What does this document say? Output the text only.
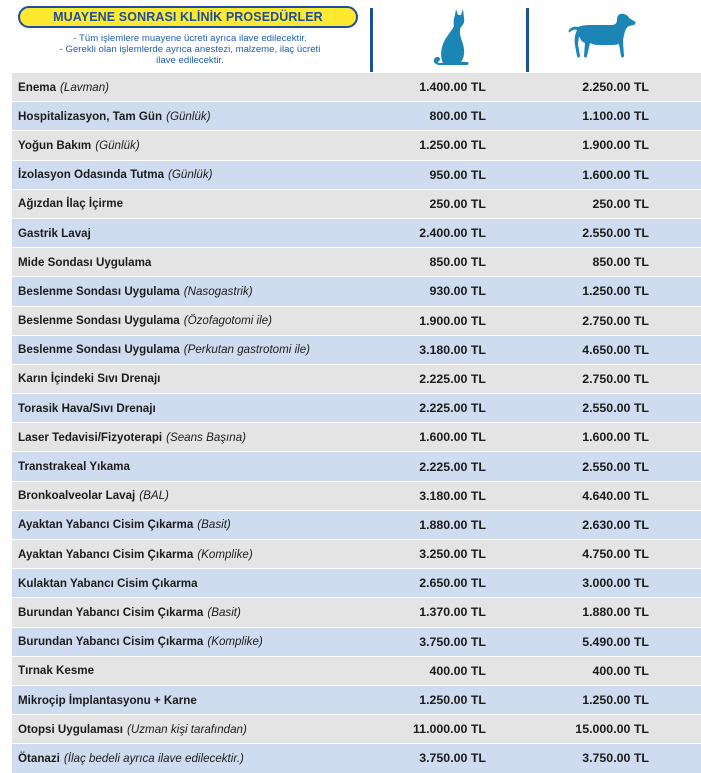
MUAYENE SONRASI KLİNİK PROSEDÜRLER
- Tüm işlemlere muayene ücreti ayrıca ilave edilecektir.
- Gerekli olan işlemlerde ayrıca anestezi, malzeme, ilaç ücreti
ilave edilecektir.
Enema (Lavman)	1.400.00 TL	2.250.00 TL
Hospitalizasyon, Tam Gün (Günlük)	800.00 TL	1.100.00 TL
Yoğun Bakım (Günlük)	1.250.00 TL	1.900.00 TL
İzolasyon Odasında Tutma (Günlük)	950.00 TL	1.600.00 TL
Ağızdan İlaç İçirme	250.00 TL	250.00 TL
Gastrik Lavaj	2.400.00 TL	2.550.00 TL
Mide Sondası Uygulama	850.00 TL	850.00 TL
Beslenme Sondası Uygulama (Nasogastrik)	930.00 TL	1.250.00 TL
Beslenme Sondası Uygulama (Özofagotomi ile)	1.900.00 TL	2.750.00 TL
Beslenme Sondası Uygulama (Perkutan gastrotomi ile)	3.180.00 TL	4.650.00 TL
Karın İçindeki Sıvı Drenajı	2.225.00 TL	2.750.00 TL
Torasik Hava/Sıvı Drenajı	2.225.00 TL	2.550.00 TL
Laser Tedavisi/Fizyoterapi (Seans Başına)	1.600.00 TL	1.600.00 TL
Transtrakeal Yıkama	2.225.00 TL	2.550.00 TL
Bronkoalveolar Lavaj (BAL)	3.180.00 TL	4.640.00 TL
Ayaktan Yabancı Cisim Çıkarma (Basit)	1.880.00 TL	2.630.00 TL
Ayaktan Yabancı Cisim Çıkarma (Komplike)	3.250.00 TL	4.750.00 TL
Kulaktan Yabancı Cisim Çıkarma	2.650.00 TL	3.000.00 TL
Burundan Yabancı Cisim Çıkarma (Basit)	1.370.00 TL	1.880.00 TL
Burundan Yabancı Cisim Çıkarma (Komplike)	3.750.00 TL	5.490.00 TL
Tırnak Kesme	400.00 TL	400.00 TL
Mikroçip İmplantasyonu + Karne	1.250.00 TL	1.250.00 TL
Otopsi Uygulaması (Uzman kişi tarafından)	11.000.00 TL	15.000.00 TL
Ötanazi (İlaç bedeli ayrıca ilave edilecektir.)	3.750.00 TL	3.750.00 TL
